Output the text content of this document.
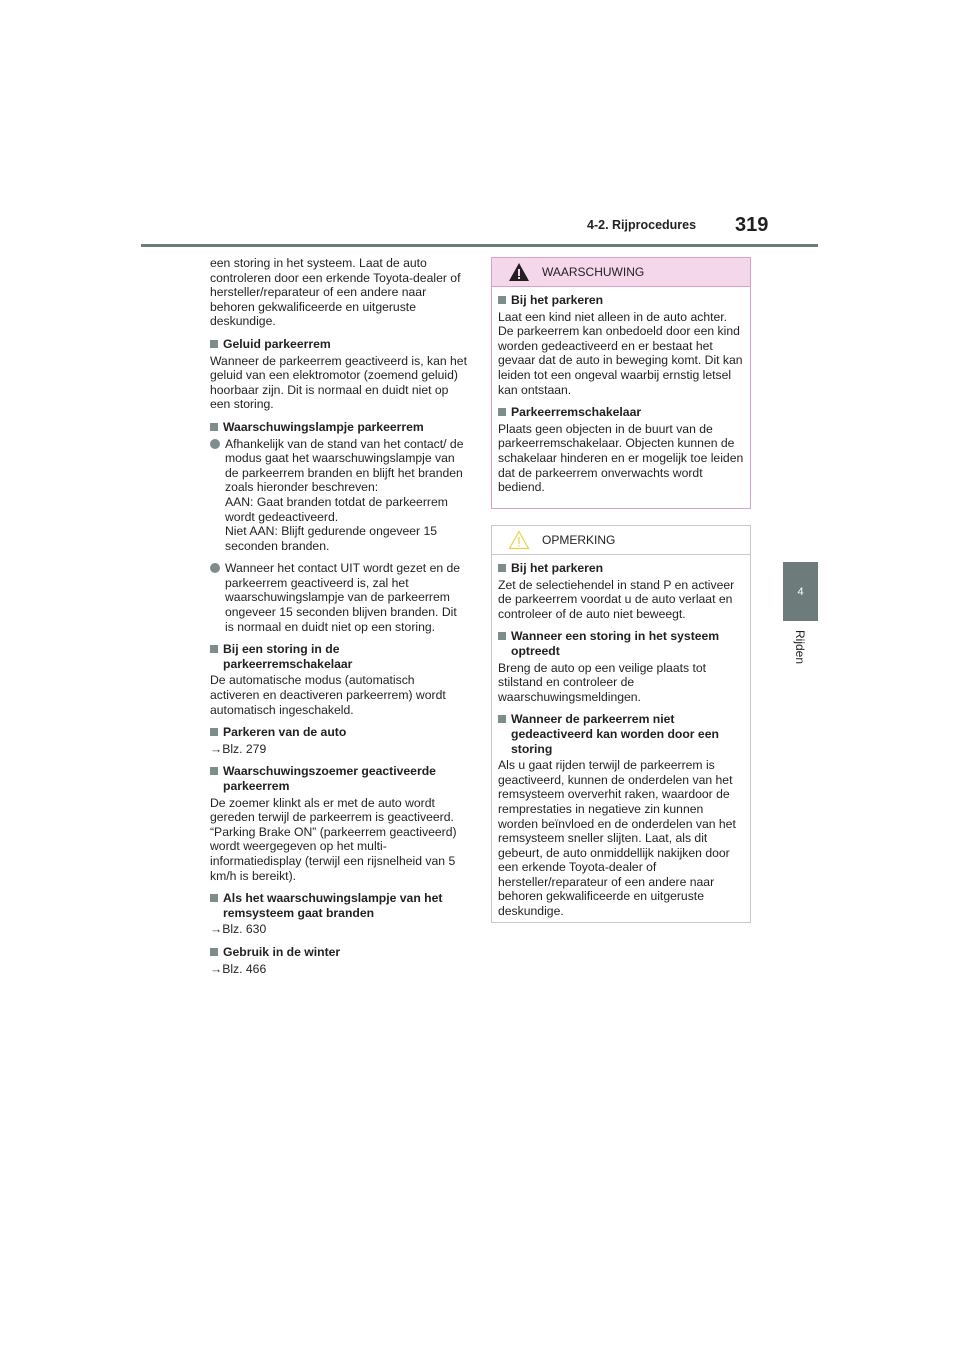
4-2. Rijprocedures 319
4
Rijden

een storing in het systeem. Laat de auto controleren door een erkende Toyota-dealer of hersteller/reparateur of een andere naar behoren gekwalificeerde en uitgeruste deskundige.

Geluid parkeerrem

Wanneer de parkeerrem geactiveerd is, kan het geluid van een elektromotor (zoemend geluid) hoorbaar zijn. Dit is normaal en duidt niet op een storing.

Waarschuwingslampje parkeerrem

Afhankelijk van de stand van het contact/ de modus gaat het waarschuwingslampje van de parkeerrem branden en blijft het branden zoals hieronder beschreven:

AAN: Gaat branden totdat de parkeerrem wordt gedeactiveerd.

Niet AAN: Blijft gedurende ongeveer 15 seconden branden.

Wanneer het contact UIT wordt gezet en de parkeerrem geactiveerd is, zal het waarschuwingslampje van de parkeerrem ongeveer 15 seconden blijven branden. Dit is normaal en duidt niet op een storing.

Bij een storing in de parkeerremschakelaar

De automatische modus (automatisch activeren en deactiveren parkeerrem) wordt automatisch ingeschakeld.

Parkeren van de auto

→Blz. 279

Waarschuwingszoemer geactiveerde parkeerrem

De zoemer klinkt als er met de auto wordt gereden terwijl de parkeerrem is geactiveerd. “Parking Brake ON” (parkeerrem geactiveerd) wordt weergegeven op het multi-informatiedisplay (terwijl een rijsnelheid van 5 km/h is bereikt).

Als het waarschuwingslampje van het remsysteem gaat branden

→Blz. 630

Gebruik in de winter

→Blz. 466

WAARSCHUWING

Bij het parkeren

Laat een kind niet alleen in de auto achter. De parkeerrem kan onbedoeld door een kind worden gedeactiveerd en er bestaat het gevaar dat de auto in beweging komt. Dit kan leiden tot een ongeval waarbij ernstig letsel kan ontstaan.

Parkeerremschakelaar

Plaats geen objecten in de buurt van de parkeerremschakelaar. Objecten kunnen de schakelaar hinderen en er mogelijk toe leiden dat de parkeerrem onverwachts wordt bediend.

OPMERKING

Bij het parkeren

Zet de selectiehendel in stand P en activeer de parkeerrem voordat u de auto verlaat en controleer of de auto niet beweegt.

Wanneer een storing in het systeem optreedt

Breng de auto op een veilige plaats tot stilstand en controleer de waarschuwingsmeldingen.

Wanneer de parkeerrem niet gedeactiveerd kan worden door een storing

Als u gaat rijden terwijl de parkeerrem is geactiveerd, kunnen de onderdelen van het remsysteem oververhit raken, waardoor de remprestaties in negatieve zin kunnen worden beïnvloed en de onderdelen van het remsysteem sneller slijten. Laat, als dit gebeurt, de auto onmiddellijk nakijken door een erkende Toyota-dealer of hersteller/reparateur of een andere naar behoren gekwalificeerde en uitgeruste deskundige.
